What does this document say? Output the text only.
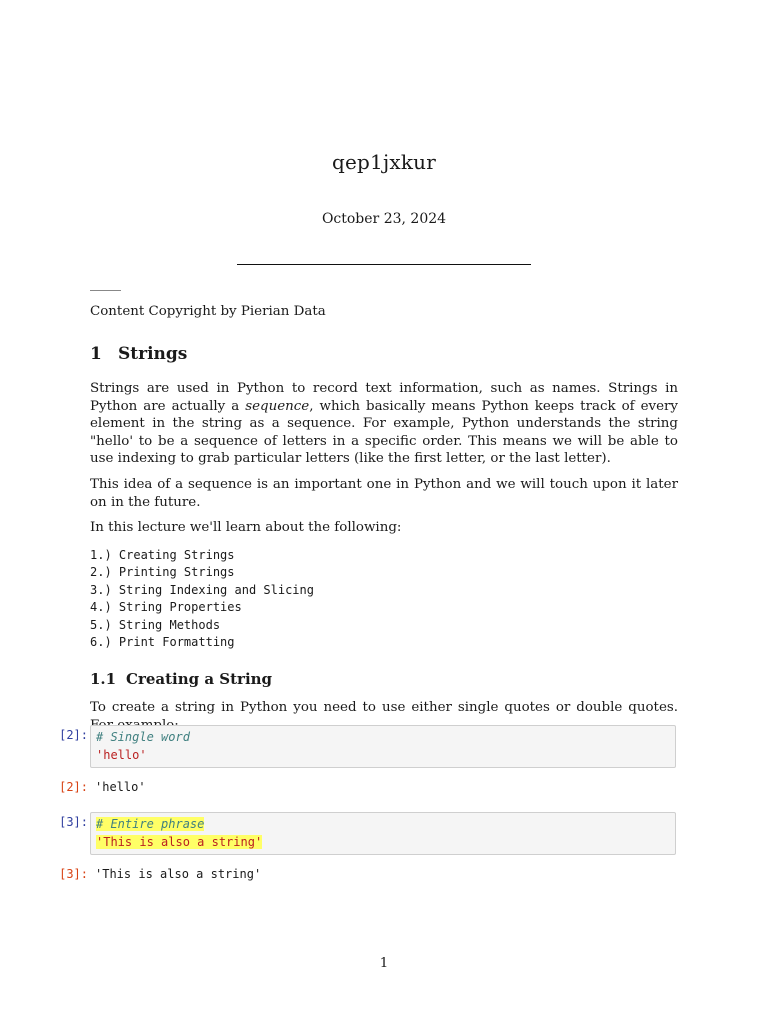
qep1jxkur
October 23, 2024
Content Copyright by Pierian Data
1 Strings
Strings are used in Python to record text information, such as names. Strings in Python are actually a sequence, which basically means Python keeps track of every element in the string as a sequence. For example, Python understands the string "hello' to be a sequence of letters in a specific order. This means we will be able to use indexing to grab particular letters (like the first letter, or the last letter).
This idea of a sequence is an important one in Python and we will touch upon it later on in the future.
In this lecture we'll learn about the following:
1.) Creating Strings
2.) Printing Strings
3.) String Indexing and Slicing
4.) String Properties
5.) String Methods
6.) Print Formatting
1.1 Creating a String
To create a string in Python you need to use either single quotes or double quotes.
[2]: # Single word
'hello'
[2]: 'hello'
[3]: # Entire phrase
'This is also a string'
[3]: 'This is also a string'
1
